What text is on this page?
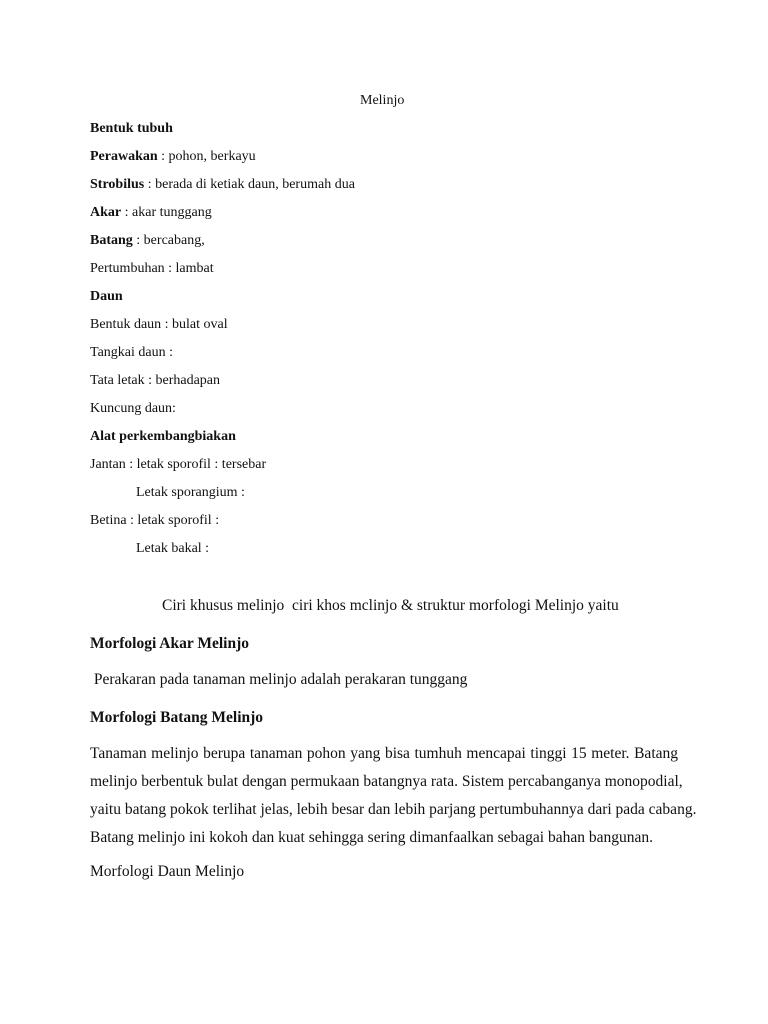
Melinjo
Bentuk tubuh
Perawakan : pohon, berkayu
Strobilus : berada di ketiak daun, berumah dua
Akar : akar tunggang
Batang : bercabang,
Pertumbuhan : lambat
Daun
Bentuk daun : bulat oval
Tangkai daun :
Tata letak : berhadapan
Kuncung daun:
Alat perkembangbiakan
Jantan : letak sporofil : tersebar
Letak sporangium :
Betina : letak sporofil :
Letak bakal :
Ciri khusus melinjo  ciri khos mclinjo & struktur morfologi Melinjo yaitu
Morfologi Akar Melinjo
Perakaran pada tanaman melinjo adalah perakaran tunggang
Morfologi Batang Melinjo
Tanaman melinjo berupa tanaman pohon yang bisa tumhuh mencapai tinggi 15 meter. Batang
melinjo berbentuk bulat dengan permukaan batangnya rata. Sistem percabanganya monopodial,
yaitu batang pokok terlihat jelas, lebih besar dan lebih parjang pertumbuhannya dari pada cabang.
Batang melinjo ini kokoh dan kuat sehingga sering dimanfaalkan sebagai bahan bangunan.
Morfologi Daun Melinjo
